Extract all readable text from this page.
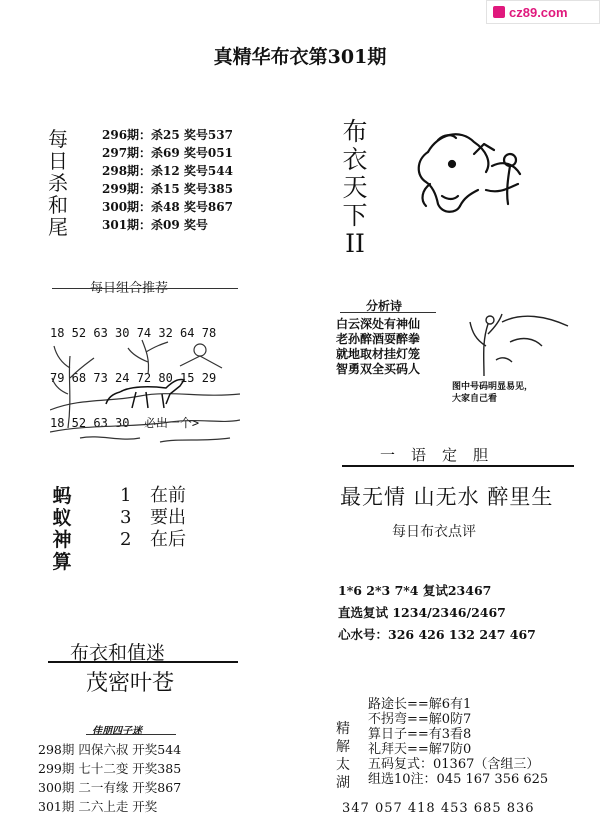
cz89.com
真精华布衣第301期
每
日
杀
和
尾
296期：杀25 奖号537
297期：杀69 奖号051
298期：杀12 奖号544
299期：杀15 奖号385
300期：杀48 奖号867
301期：杀09 奖号
布
衣
天
下
II
每日组合推荐

18 52 63 30 74 32 64 78

79 68 73 24 72 80 15 29

18 52 63 30  必出一个>

分析诗
白云深处有神仙
老孙醉酒耍醉拳
就地取材挂灯笼
智勇双全买码人
图中号码明显易见，
大家自己看
一语定胆
最无情 山无水 醉里生
每日布衣点评
蚂
蚁
神
算
1 在前
3 要出
2 在后
1*6 2*3 7*4 复试23467
直选复试 1234/2346/2467
心水号：326 426 132 247 467
布衣和值迷
茂密叶苍
佳朋四子迷
298期 四保六叔 开奖544
299期 七十二变 开奖385
300期 二一有缘 开奖867
301期 二六上走 开奖
精
解
太
湖
路途长==解6有1
不拐弯==解0防7
算日子==有3看8
礼拜天==解7防0
五码复式：01367（含组三）
组选10注：045 167 356 625
347 057 418 453 685 836
